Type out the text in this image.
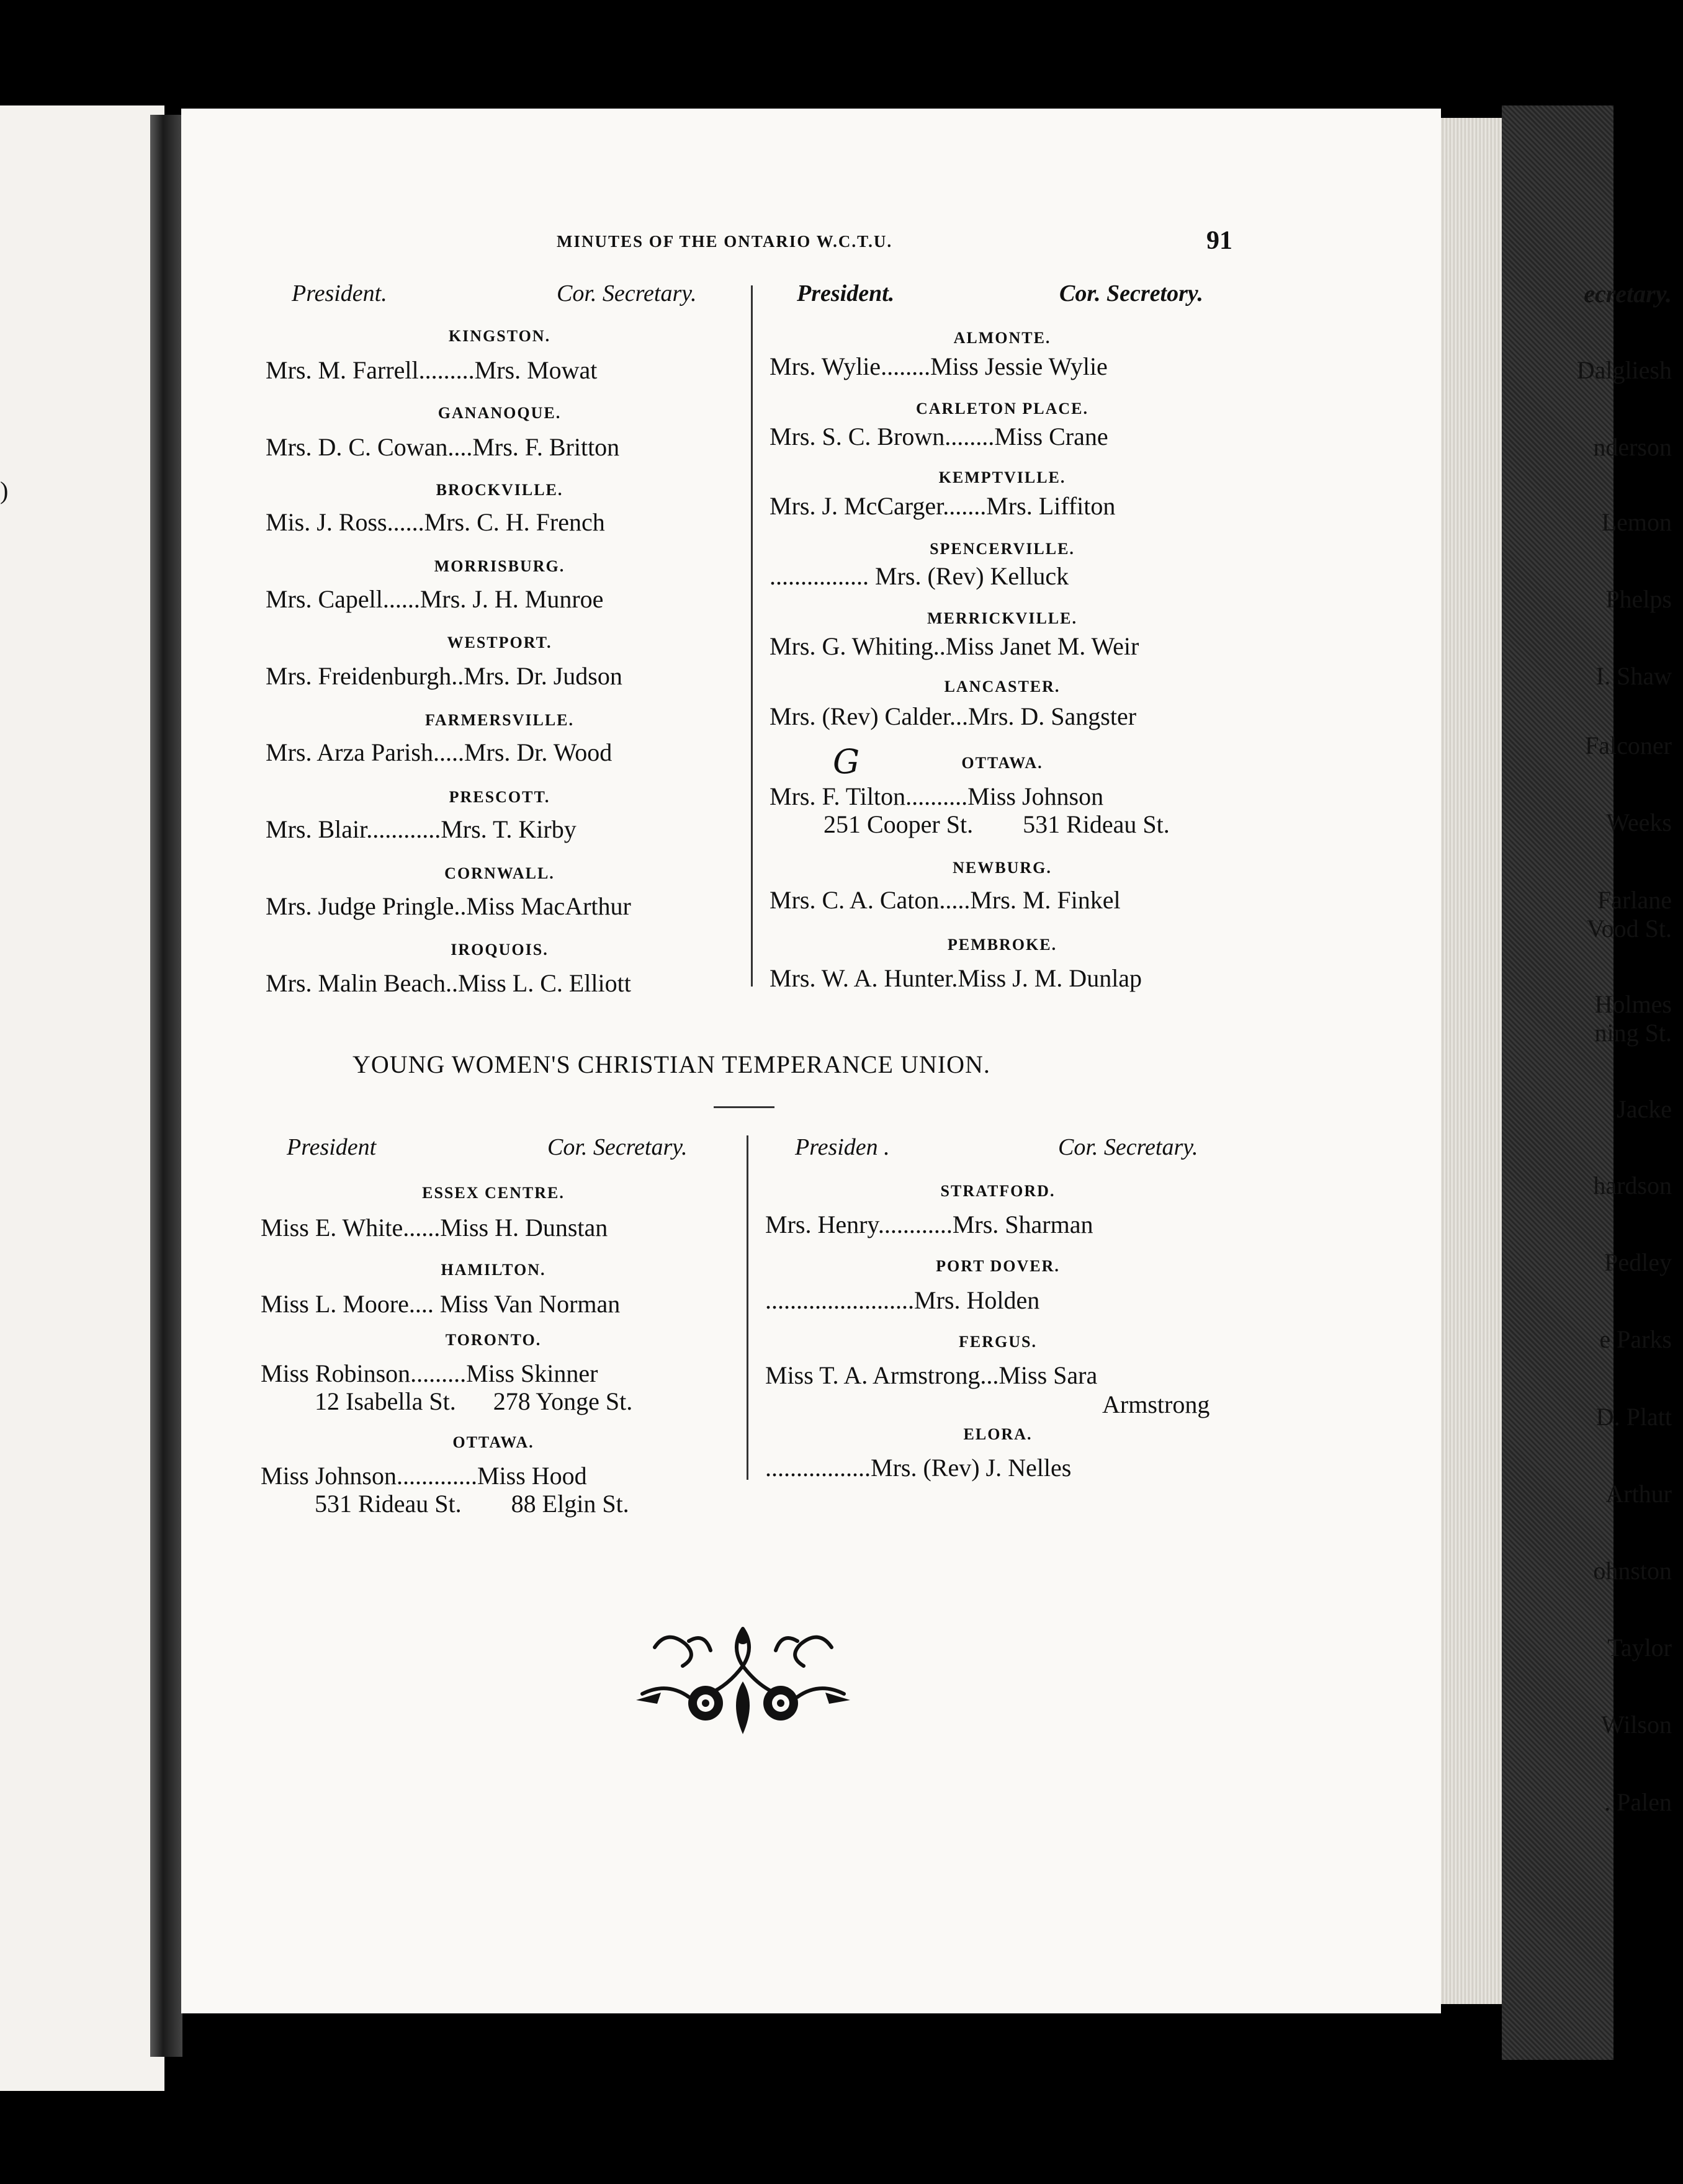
ecretary.
Dalgliesh
nderson
)
Lemon
Phelps
I. Shaw
Falconer
Weeks
Farlane
Vood St.
Holmes
ning St.
Jacke
hardson
Pedley
e Parks
D. Platt
Arthur
ohnston
Taylor
Wilson
. Palen
MINUTES OF THE ONTARIO W.C.T.U.	91
President.	Cor. Secretary.	President.	Cor. Secretory.
KINGSTON.
Mrs. M. Farrell.........Mrs. Mowat
GANANOQUE.
Mrs. D. C. Cowan....Mrs. F. Britton
BROCKVILLE.
Mis. J. Ross......Mrs. C. H. French
MORRISBURG.
Mrs. Capell......Mrs. J. H. Munroe
WESTPORT.
Mrs. Freidenburgh..Mrs. Dr. Judson
FARMERSVILLE.
Mrs. Arza Parish.....Mrs. Dr. Wood
PRESCOTT.
Mrs. Blair............Mrs. T. Kirby
CORNWALL.
Mrs. Judge Pringle..Miss MacArthur
IROQUOIS.
Mrs. Malin Beach..Miss L. C. Elliott
ALMONTE.
Mrs. Wylie........Miss Jessie Wylie
CARLETON PLACE.
Mrs. S. C. Brown........Miss Crane
KEMPTVILLE.
Mrs. J. McCarger.......Mrs. Liffiton
SPENCERVILLE.
................ Mrs. (Rev) Kelluck
MERRICKVILLE.
Mrs. G. Whiting..Miss Janet M. Weir
LANCASTER.
Mrs. (Rev) Calder...Mrs. D. Sangster
G	OTTAWA.
Mrs. F. Tilton..........Miss Johnson
251 Cooper St.        531 Rideau St.
NEWBURG.
Mrs. C. A. Caton.....Mrs. M. Finkel
PEMBROKE.
Mrs. W. A. Hunter.Miss J. M. Dunlap
YOUNG WOMEN'S CHRISTIAN TEMPERANCE UNION.
President	Cor. Secretary.	Presiden .	Cor. Secretary.
ESSEX CENTRE.
Miss E. White......Miss H. Dunstan
HAMILTON.
Miss L. Moore.... Miss Van Norman
TORONTO.
Miss Robinson.........Miss Skinner
12 Isabella St.      278 Yonge St.
OTTAWA.
Miss Johnson.............Miss Hood
531 Rideau St.        88 Elgin St.
STRATFORD.
Mrs. Henry............Mrs. Sharman
PORT DOVER.
........................Mrs. Holden
FERGUS.
Miss T. A. Armstrong...Miss Sara
Armstrong
ELORA.
.................Mrs. (Rev) J. Nelles
